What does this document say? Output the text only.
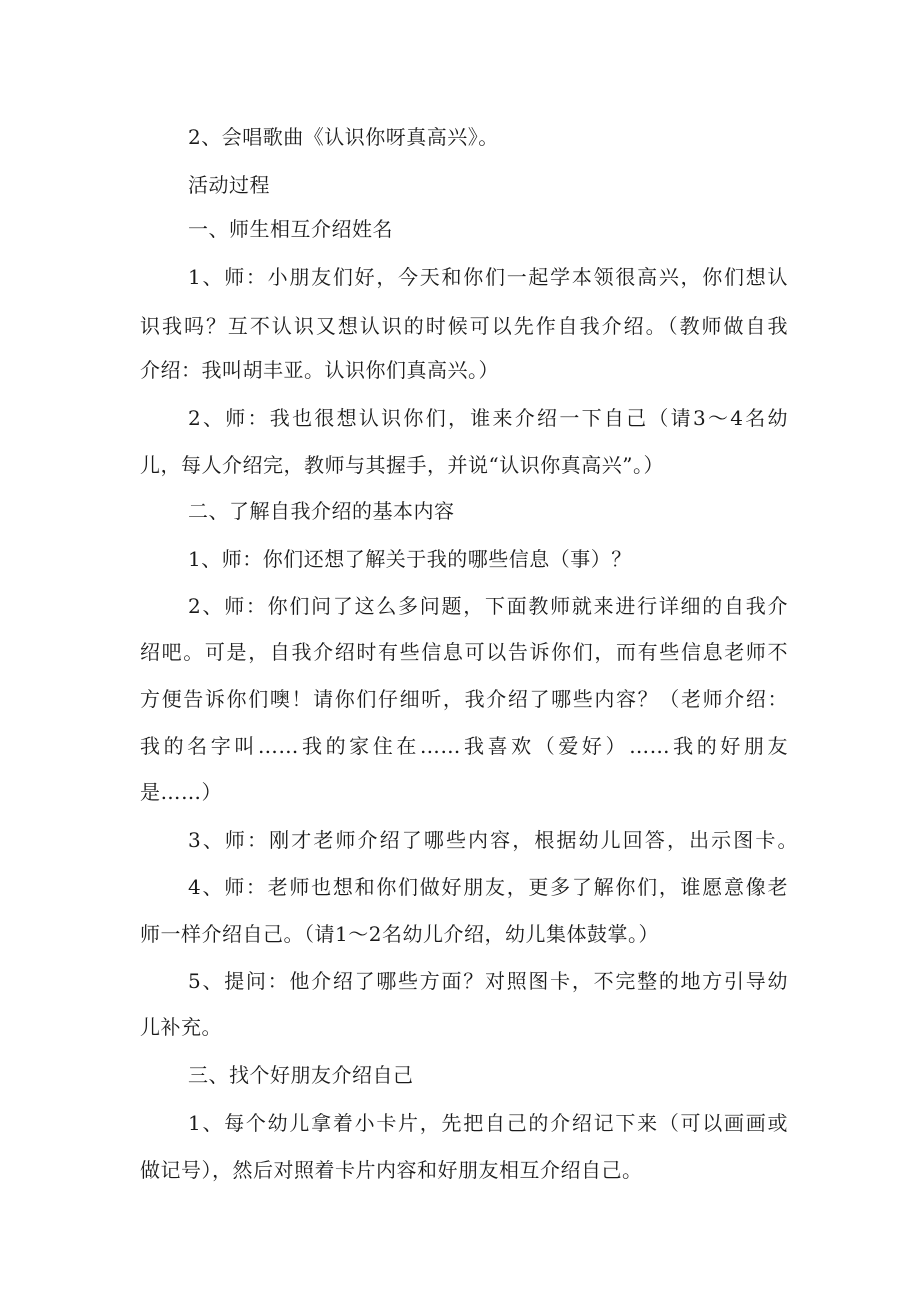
2、会唱歌曲《认识你呀真高兴》。
活动过程
一、师生相互介绍姓名
1、师：小朋友们好，今天和你们一起学本领很高兴，你们想认
识我吗？互不认识又想认识的时候可以先作自我介绍。（教师做自我
介绍：我叫胡丰亚。认识你们真高兴。）
2、师：我也很想认识你们，谁来介绍一下自己（请3～4名幼
儿，每人介绍完，教师与其握手，并说“认识你真高兴”。）
二、了解自我介绍的基本内容
1、师：你们还想了解关于我的哪些信息（事）？
2、师：你们问了这么多问题，下面教师就来进行详细的自我介
绍吧。可是，自我介绍时有些信息可以告诉你们，而有些信息老师不
方便告诉你们噢！请你们仔细听，我介绍了哪些内容？（老师介绍：
我的名字叫……我的家住在……我喜欢（爱好）……我的好朋友
是……）
3、师：刚才老师介绍了哪些内容，根据幼儿回答，出示图卡。
4、师：老师也想和你们做好朋友，更多了解你们，谁愿意像老
师一样介绍自己。（请1～2名幼儿介绍，幼儿集体鼓掌。）
5、提问：他介绍了哪些方面？对照图卡，不完整的地方引导幼
儿补充。
三、找个好朋友介绍自己
1、每个幼儿拿着小卡片，先把自己的介绍记下来（可以画画或
做记号），然后对照着卡片内容和好朋友相互介绍自己。
